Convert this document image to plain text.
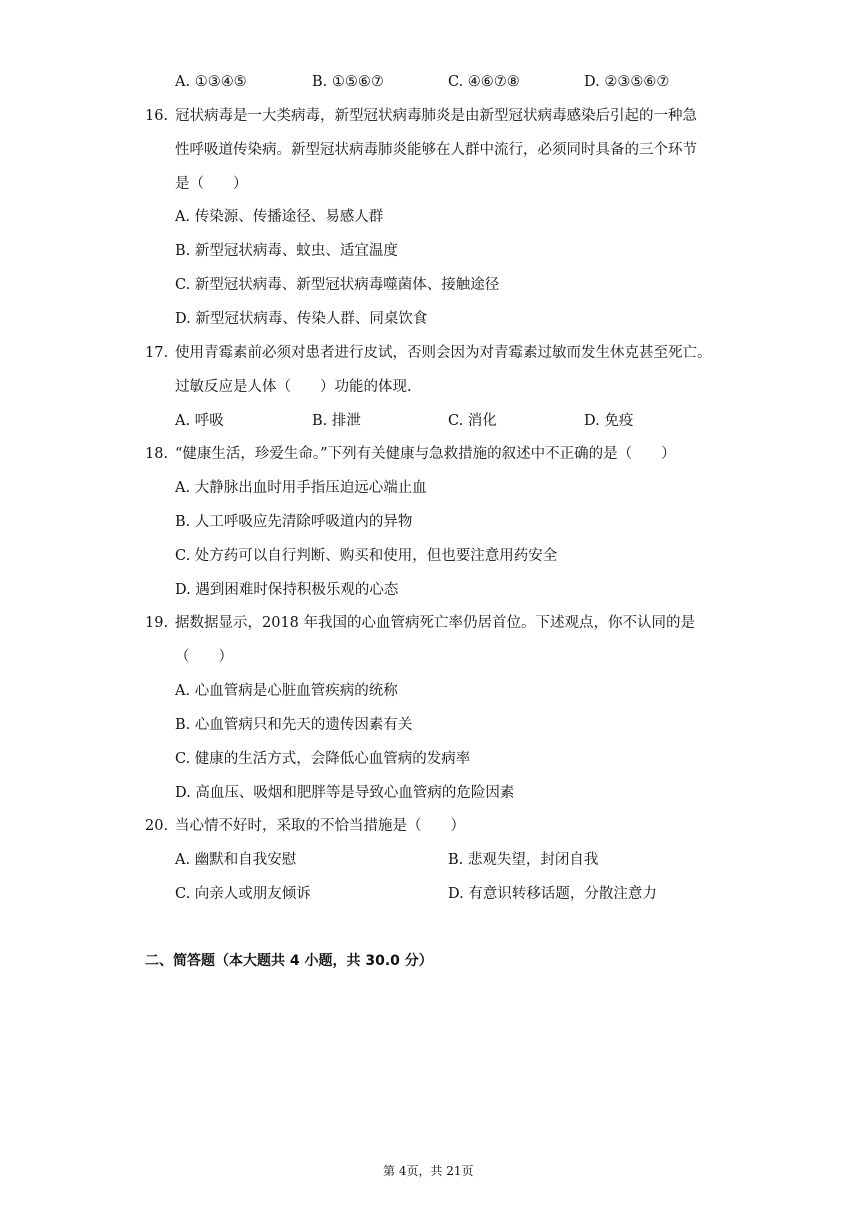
A. ①③④⑤	B. ①⑤⑥⑦	C. ④⑥⑦⑧	D. ②③⑤⑥⑦
16. 冠状病毒是一大类病毒，新型冠状病毒肺炎是由新型冠状病毒感染后引起的一种急
性呼吸道传染病。新型冠状病毒肺炎能够在人群中流行，必须同时具备的三个环节
是（　　）
A. 传染源、传播途径、易感人群
B. 新型冠状病毒、蚊虫、适宜温度
C. 新型冠状病毒、新型冠状病毒噬菌体、接触途径
D. 新型冠状病毒、传染人群、同桌饮食
17. 使用青霉素前必须对患者进行皮试，否则会因为对青霉素过敏而发生休克甚至死亡。
过敏反应是人体（　　）功能的体现.
A. 呼吸	B. 排泄	C. 消化	D. 免疫
18. “健康生活，珍爱生命。”下列有关健康与急救措施的叙述中不正确的是（　　）
A. 大静脉出血时用手指压迫远心端止血
B. 人工呼吸应先清除呼吸道内的异物
C. 处方药可以自行判断、购买和使用，但也要注意用药安全
D. 遇到困难时保持积极乐观的心态
19. 据数据显示，2018 年我国的心血管病死亡率仍居首位。下述观点，你不认同的是
（　　）
A. 心血管病是心脏血管疾病的统称
B. 心血管病只和先天的遗传因素有关
C. 健康的生活方式，会降低心血管病的发病率
D. 高血压、吸烟和肥胖等是导致心血管病的危险因素
20. 当心情不好时，采取的不恰当措施是（　　）
A. 幽默和自我安慰	B. 悲观失望，封闭自我
C. 向亲人或朋友倾诉	D. 有意识转移话题，分散注意力
二、简答题（本大题共 4 小题，共 30.0 分）
第 4页，共 21页
